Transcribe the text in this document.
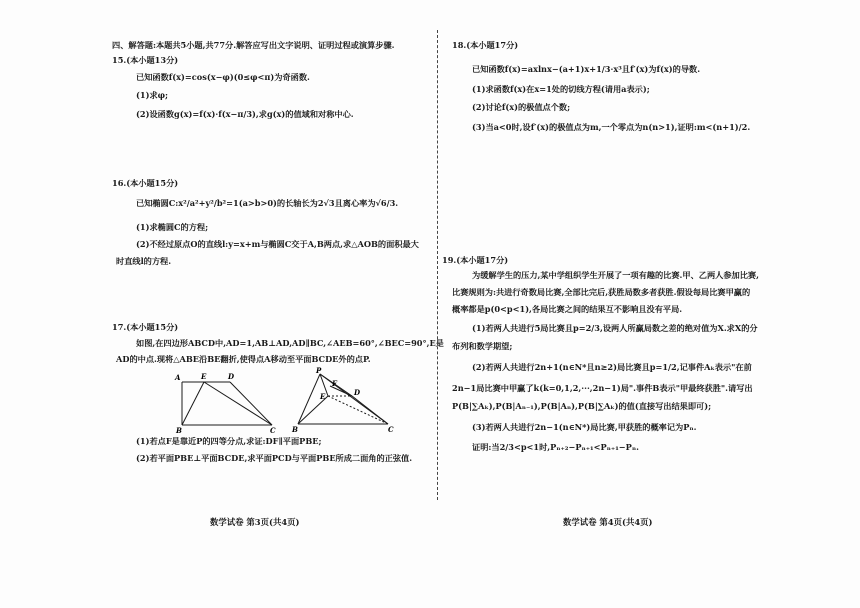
四、解答题:本题共5小题,共77分.解答应写出文字说明、证明过程或演算步骤.
15.(本小题13分)
已知函数f(x)=cos(x−φ)(0≤φ<π)为奇函数.
(1)求φ;
(2)设函数g(x)=f(x)·f(x−π/3),求g(x)的值域和对称中心.
16.(本小题15分)
已知椭圆C:x²/a²+y²/b²=1(a>b>0)的长轴长为2√3且离心率为√6/3.
(1)求椭圆C的方程;
(2)不经过原点O的直线l:y=x+m与椭圆C交于A,B两点,求△AOB的面积最大
时直线l的方程.
17.(本小题15分)
如图,在四边形ABCD中,AD=1,AB⊥AD,AD∥BC,∠AEB=60°,∠BEC=90°,E是
AD的中点.现将△ABE沿BE翻折,使得点A移动至平面BCDE外的点P.
A	E	D
B	C
P
E
F
D
B	C
(1)若点F是靠近P的四等分点,求证:DF∥平面PBE;
(2)若平面PBE⊥平面BCDE,求平面PCD与平面PBE所成二面角的正弦值.
数学试卷 第3页(共4页)
18.(本小题17分)
已知函数f(x)=axlnx−(a+1)x+1/3·x³且f′(x)为f(x)的导数.
(1)求函数f(x)在x=1处的切线方程(请用a表示);
(2)讨论f(x)的极值点个数;
(3)当a<0时,设f′(x)的极值点为m,一个零点为n(n>1),证明:m<(n+1)/2.
19.(本小题17分)
为缓解学生的压力,某中学组织学生开展了一项有趣的比赛.甲、乙两人参加比赛,
比赛规则为:共进行奇数局比赛,全部比完后,获胜局数多者获胜.假设每局比赛甲赢的
概率都是p(0<p<1),各局比赛之间的结果互不影响且没有平局.
(1)若两人共进行5局比赛且p=2/3,设两人所赢局数之差的绝对值为X.求X的分
布列和数学期望;
(2)若两人共进行2n+1(n∈N*且n≥2)局比赛且p=1/2,记事件Aₖ表示"在前
2n−1局比赛中甲赢了k(k=0,1,2,···,2n−1)局".事件B表示"甲最终获胜".请写出
P(B|∑Aₖ),P(B|Aₙ₋₁),P(B|Aₙ),P(B|∑Aₖ)的值(直接写出结果即可);
(3)若两人共进行2n−1(n∈N*)局比赛,甲获胜的概率记为Pₙ.
证明:当2/3<p<1时,Pₙ₊₂−Pₙ₊₁<Pₙ₊₁−Pₙ.
数学试卷 第4页(共4页)
